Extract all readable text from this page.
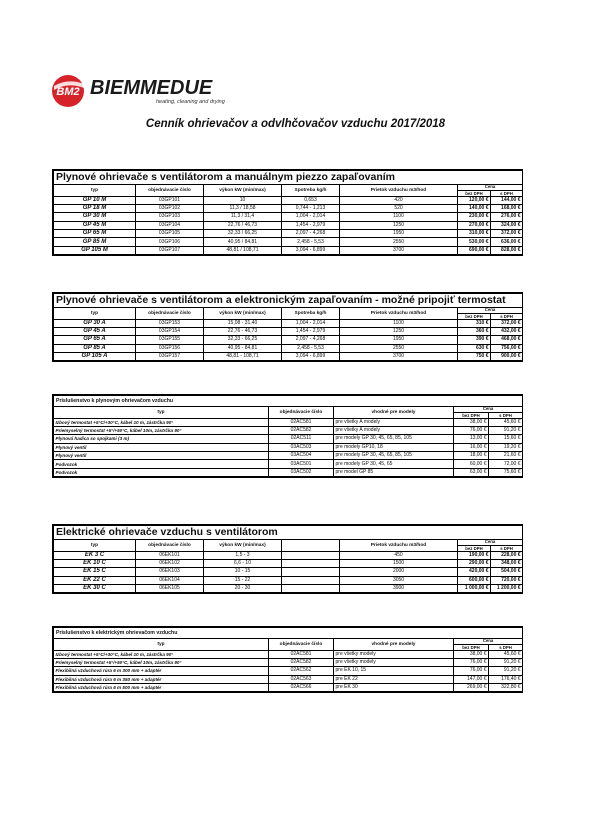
BM2 BIEMMEDUE
heating, cleaning and drying
Cenník ohrievačov a odvlhčovačov vzduchu 2017/2018
Plynové ohrievače s ventilátorom a manuálnym piezzo zapaľovaním						
typ	objednávacie číslo	výkon kW (min/max)	Spotreba kg/h	Prietok vzduchu m3/hod	Cena	
					bez DPH	s DPH
GP 10 M	03GP101	10	0,653	420	120,00 €	144,00 €
GP 18 M	03GP102	11,3 / 18,58	0,744 - 1,213	520	140,00 €	168,00 €
GP 30 M	03GP103	11,3 / 31,4	1,004 - 2,014	1100	230,00 €	276,00 €
GP 45 M	03GP104	22,76 / 46,73	1,454 - 2,979	1250	270,00 €	324,00 €
GP 65 M	03GP105	32,33 / 66,25	2,097 - 4,268	1950	310,00 €	372,00 €
GP 85 M	03GP106	40,95 / 84,81	2,458 - 5,53	2550	530,00 €	636,00 €
GP 105 M	03GP107	48,81 / 108,71	3,094 - 6,899	3700	690,00 €	828,00 €
Plynové ohrievače s ventilátorom a elektronickým zapaľovaním - možné pripojiť termostat						
typ	objednávacie číslo	výkon kW (min/max)	Spotreba kg/h	Prietok vzduchu m3/hod	Cena	
					bez DPH	s DPH
GP 30 A	03GP153	15,08 - 31,40	1,004 - 2,014	1100	310 €	372,00 €
GP 45 A	03GP154	22,76 - 46,73	1,454 - 2,979	1250	360 €	432,00 €
GP 65 A	03GP155	32,33 - 66,25	2,097 - 4,268	1950	390 €	468,00 €
GP 85 A	03GP156	40,95 - 84,81	2,458 - 5,53	2550	630 €	756,00 €
GP 105 A	03GP157	48,81 - 108,71	3,094 - 6,899	3700	750 €	900,00 €
Príslušenstvo k plynovým ohrievačom vzduchu				
typ	objednávacie číslo	vhodné pre modely	Cena	
			bez DPH	s DPH
Izbový termostat +5°C/+30°C, kábel 10 m, zástrčka 90°	02AC581	pre všetky A modely	38,00 €	45,60 €
Priemyselný termostat +5°/+50°C, kábel 10m, zástrčka 90°	02AC582	pre všetky A modely	76,00 €	91,20 €
Plynová hadica so spojkami (3 m)	02AC511	pre modely GP 30, 45, 65, 85, 105	13,00 €	15,60 €
Plynový ventil	03AC503	pre modely GP10, 18	16,00 €	19,20 €
Plynový ventil	03AC504	pre modely GP 30, 45, 65, 85, 105	18,00 €	21,60 €
Podvozok	03AC501	pre modely GP 30, 45, 65	60,00 €	72,00 €
Podvozok	03AC502	pre model GP 85	63,00 €	75,60 €
Elektrické ohrievače vzduchu s ventilátorom						
typ	objednávacie číslo	výkon kW (min/max)		Prietok vzduchu m3/hod	Cena	
					bez DPH	s DPH
EK 3 C	06EK101	1,5 - 3		450	190,00 €	228,00 €
EK 10 C	06EK102	6,6 - 10		1500	290,00 €	348,00 €
EK 15 C	06EK103	10 - 15		2000	420,00 €	504,00 €
EK 22 C	06EK104	15 - 22		3050	600,00 €	720,00 €
EK 30 C	06EK105	20 - 30		3900	1 000,00 €	1 200,00 €
Príslušenstvo k elektrickým ohrievačom vzduchu				
typ	objednávacie číslo	vhodné pre modely	Cena	
			bez DPH	s DPH
Izbový termostat +5°C/+30°C, kábel 10 m, zástrčka 90°	02AC581	pre všetky modely	38,00 €	45,60 €
Priemyselný termostat +5°/+50°C, kábel 10m, zástrčka 90°	02AC582	pre všetky modely	76,00 €	91,20 €
Flexibilná vzduchová rúra 6 m 300 mm + adaptér	02AC562	pre EK 10, 15	76,00 €	91,20 €
Flexibilná vzduchová rúra 6 m 350 mm + adaptér	02AC563	pre EK 22	147,00 €	176,40 €
Flexibilná vzduchová rúra 6 m 500 mm + adaptér	02AC566	pre EK 30	269,00 €	322,80 €
